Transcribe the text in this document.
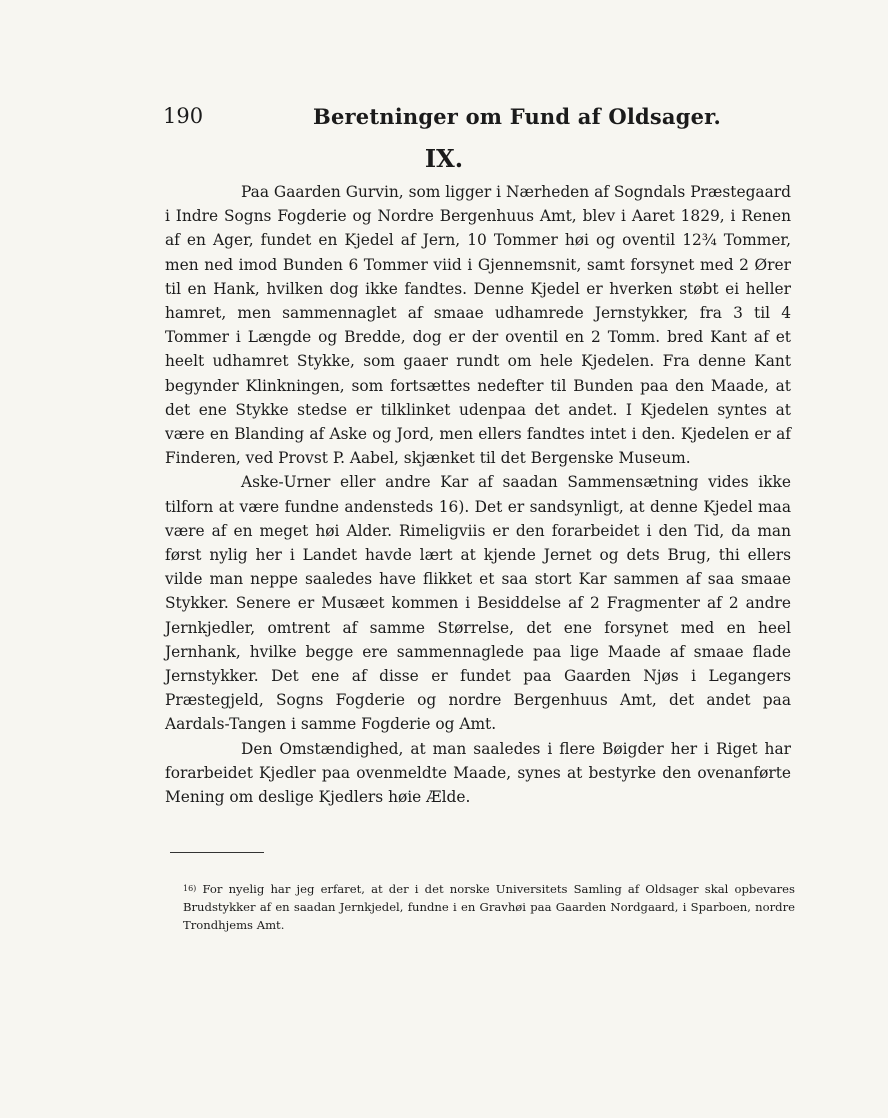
190	Beretninger om Fund af Oldsager.
IX.

Paa Gaarden Gurvin, som ligger i Nærheden af Sogndals Præstegaard i Indre Sogns Fogderie og Nordre Bergenhuus Amt, blev i Aaret 1829, i Renen af en Ager, fundet en Kjedel af Jern, 10 Tommer høi og oventil 12¾ Tommer, men ned imod Bunden 6 Tommer viid i Gjennemsnit, samt forsynet med 2 Ører til en Hank, hvilken dog ikke fandtes. Denne Kjedel er hverken støbt ei heller hamret, men sammennaglet af smaae udhamrede Jernstykker, fra 3 til 4 Tommer i Længde og Bredde, dog er der oventil en 2 Tomm. bred Kant af et heelt udhamret Stykke, som gaaer rundt om hele Kjedelen. Fra denne Kant begynder Klinkningen, som fortsættes nedefter til Bunden paa den Maade, at det ene Stykke stedse er tilklinket udenpaa det andet. I Kjedelen syntes at være en Blanding af Aske og Jord, men ellers fandtes intet i den. Kjedelen er af Finderen, ved Provst P. Aabel, skjænket til det Bergenske Museum.

Aske-Urner eller andre Kar af saadan Sammensætning vides ikke tilforn at være fundne andensteds 16). Det er sandsynligt, at denne Kjedel maa være af en meget høi Alder. Rimeligviis er den forarbeidet i den Tid, da man først nylig her i Landet havde lært at kjende Jernet og dets Brug, thi ellers vilde man neppe saaledes have flikket et saa stort Kar sammen af saa smaae Stykker. Senere er Musæet kommen i Besiddelse af 2 Fragmenter af 2 andre Jernkjedler, omtrent af samme Størrelse, det ene forsynet med en heel Jernhank, hvilke begge ere sammennaglede paa lige Maade af smaae flade Jernstykker. Det ene af disse er fundet paa Gaarden Njøs i Legangers Præstegjeld, Sogns Fogderie og nordre Bergenhuus Amt, det andet paa Aardals-Tangen i samme Fogderie og Amt.

Den Omstændighed, at man saaledes i flere Bøigder her i Riget har forarbeidet Kjedler paa ovenmeldte Maade, synes at bestyrke den ovenanførte Mening om deslige Kjedlers høie Ælde.

$^{16)}$ For nyelig har jeg erfaret, at der i det norske Universitets Samling af Oldsager skal opbevares Brudstykker af en saadan Jernkjedel, fundne i en Gravhøi paa Gaarden Nordgaard, i Sparboen, nordre Trondhjems Amt.
